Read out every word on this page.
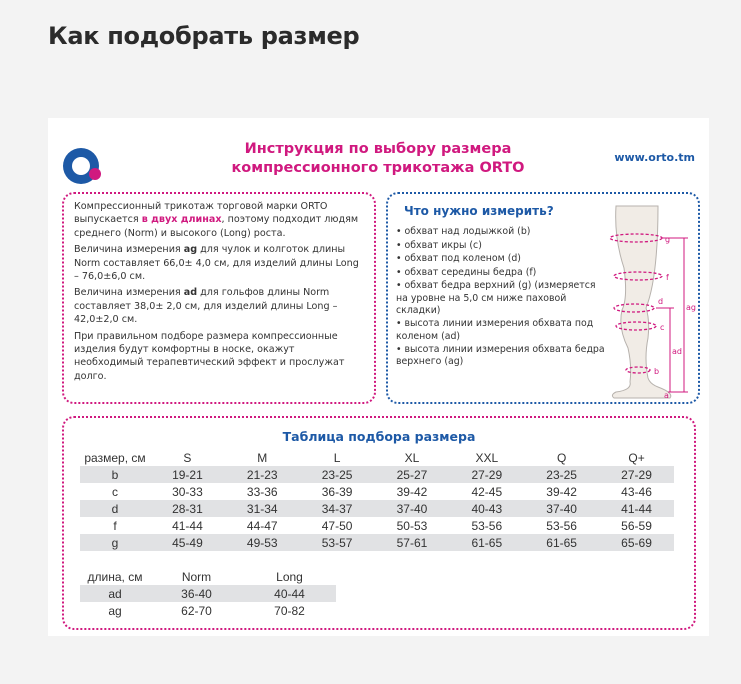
Как подобрать размер
Инструкция по выбору размера
компрессионного трикотажа ORTO
www.orto.tm

Компрессионный трикотаж торговой марки ORTO выпускается в двух длинах, поэтому подходит людям среднего (Norm) и высокого (Long) роста.

Величина измерения ag для чулок и колготок длины Norm составляет 66,0± 4,0 см, для изделий длины Long – 76,0±6,0 см.

Величина измерения ad для гольфов длины Norm составляет 38,0± 2,0 см, для изделий длины Long – 42,0±2,0 см.

При правильном подборе размера компрессионные изделия будут комфортны в носке, окажут необходимый терапевтический эффект и прослужат долго.

Что нужно измерить?
• обхват над лодыжкой (b)
• обхват икры (c)
• обхват под коленом (d)
• обхват середины бедра (f)
• обхват бедра верхний (g) (измеряется на уровне на 5,0 см ниже паховой складки)
• высота линии измерения обхвата под коленом (ad)
• высота линии измерения обхвата бедра верхнего (ag)
g
f
d
c
b
a
ag
ad
Таблица подбора размера
размер, см	S	M	L	XL	XXL	Q	Q+
b	19-21	21-23	23-25	25-27	27-29	23-25	27-29
c	30-33	33-36	36-39	39-42	42-45	39-42	43-46
d	28-31	31-34	34-37	37-40	40-43	37-40	41-44
f	41-44	44-47	47-50	50-53	53-56	53-56	56-59
g	45-49	49-53	53-57	57-61	61-65	61-65	65-69
длина, см	Norm	Long
ad	36-40	40-44
ag	62-70	70-82
